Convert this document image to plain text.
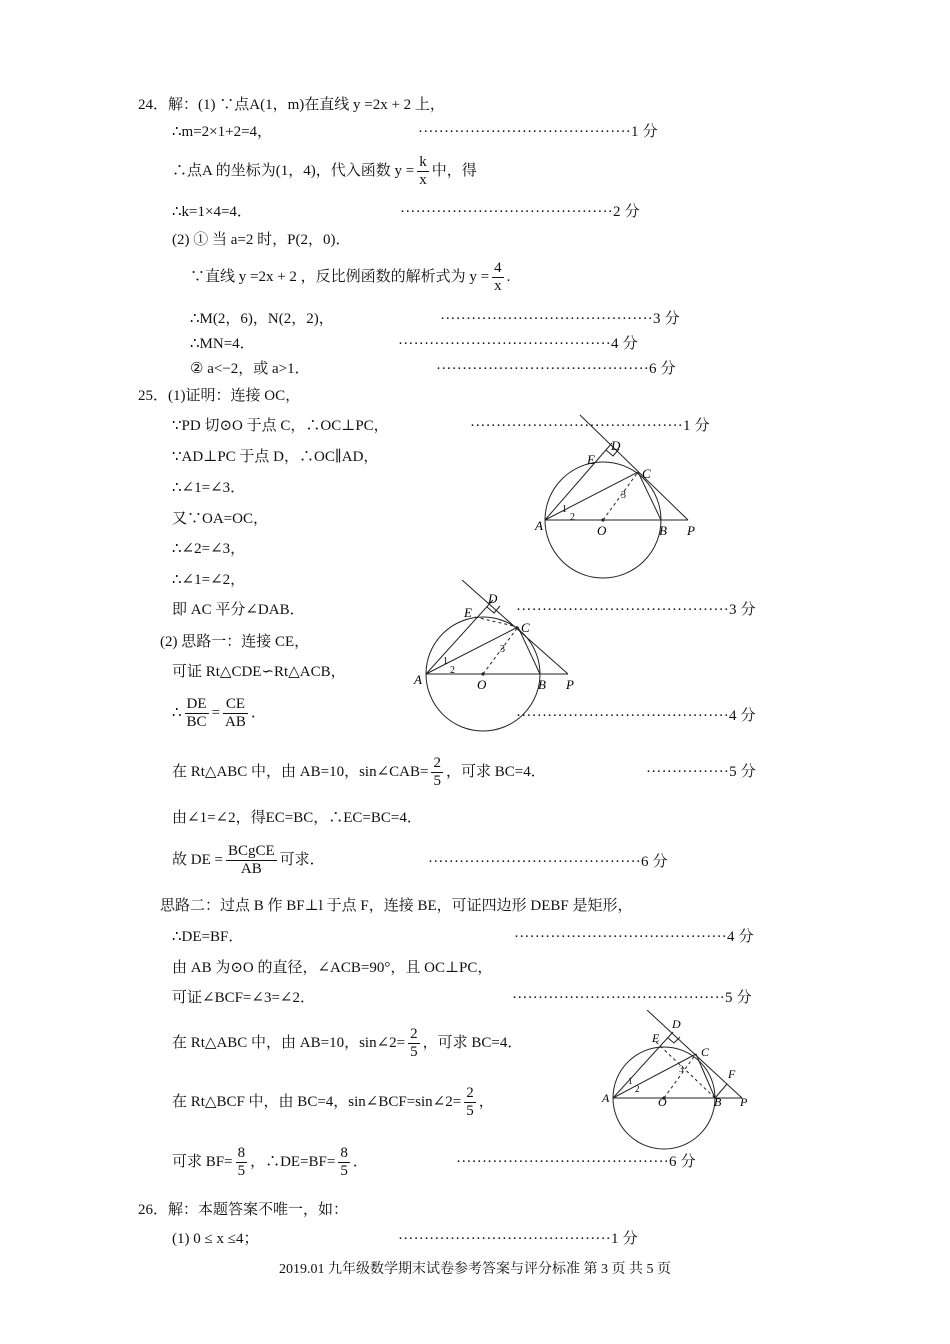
24．解：(1) ∵点A(1，m)在直线 y =2x + 2 上，
∴m=2×1+2=4，	·········································1 分
∴点A 的坐标为(1，4)，代入函数 $y = \frac{k}{x}$ 中，得
∴k=1×4=4．	·········································2 分
(2) ① 当 a=2 时，P(2，0)．
∵直线 y =2x + 2 ，反比例函数的解析式为 $y = \frac{4}{x}$ .
∴M(2，6)，N(2，2)，	·········································3 分
∴MN=4．	·········································4 分
② a<−2，或 a>1．	·········································6 分
25．(1)证明：连接 OC，
∵PD 切⊙O 于点 C，∴OC⊥PC，	·········································1 分
∵AD⊥PC 于点 D，∴OC∥AD，
∴∠1=∠3．
又∵OA=OC，
∴∠2=∠3，
∴∠1=∠2，
即 AC 平分∠DAB．	·········································3 分
(2) 思路一：连接 CE，
可证 Rt△CDE∽Rt△ACB，
∴ $\frac{DE}{BC} = \frac{CE}{AB}$ ．	·········································4 分
在 Rt△ABC 中，由 AB=10，sin∠CAB= $\frac{2}{5}$ ，可求 BC=4．	················5 分
由∠1=∠2，得EC=BC，∴EC=BC=4．
故 DE = $\frac{\text{BCgCE}}{AB}$ 可求．	·········································6 分
思路二：过点 B 作 BF⊥l 于点 F，连接 BE，可证四边形 DEBF 是矩形，
∴DE=BF．	·········································4 分
由 AB 为⊙O 的直径，∠ACB=90°，且 OC⊥PC，
可证∠BCF=∠3=∠2．	·········································5 分
在 Rt△ABC 中，由 AB=10，sin∠2= $\frac{2}{5}$ ，可求 BC=4．
在 Rt△BCF 中，由 BC=4，sin∠BCF=sin∠2= $\frac{2}{5}$ ，
可求 $BF= \frac{8}{5}$ ，∴DE=BF= $\frac{8}{5}$ ．	·········································6 分
26．解：本题答案不唯一，如：
(1) 0 ≤ x ≤4；	·········································1 分
A	O	B P
C
D
E
1
2
3
A	O	B P
C
D
E
1
2
3
A	O	B P
C
D
E
F
1
2
3
2019.01 九年级数学期末试卷参考答案与评分标准 第 3 页 共 5 页
